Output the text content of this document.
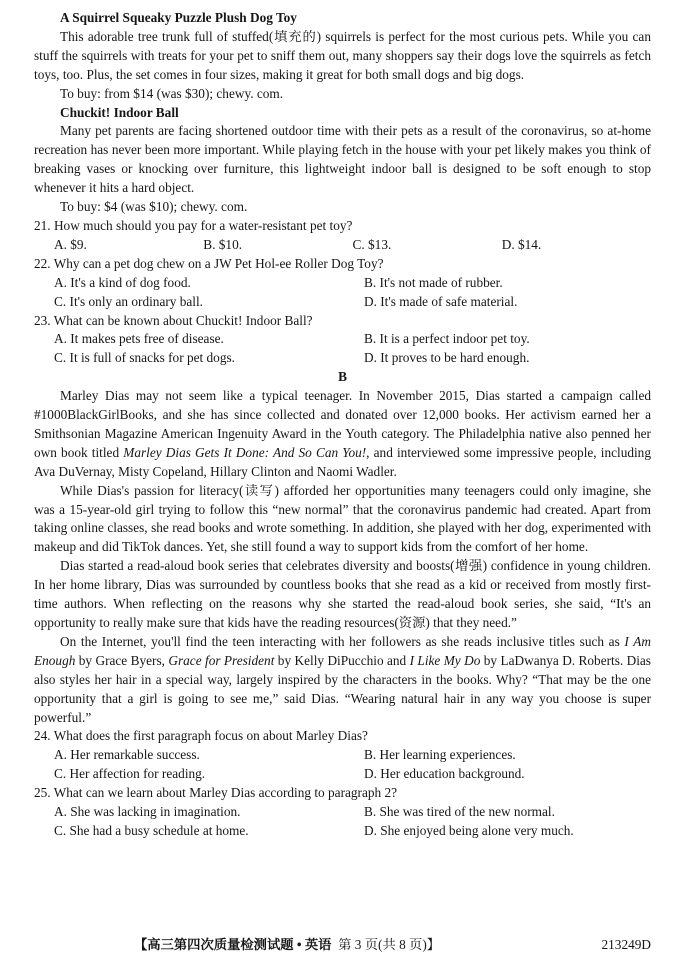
A Squirrel Squeaky Puzzle Plush Dog Toy

This adorable tree trunk full of stuffed(填充的) squirrels is perfect for the most curious pets. While you can stuff the squirrels with treats for your pet to sniff them out, many shoppers say their dogs love the squirrels as fetch toys, too. Plus, the set comes in four sizes, making it great for both small dogs and big dogs.

To buy: from $14 (was $30); chewy. com.
Chuckit! Indoor Ball

Many pet parents are facing shortened outdoor time with their pets as a result of the coronavirus, so at-home recreation has never been more important. While playing fetch in the house with your pet likely makes you think of breaking vases or knocking over furniture, this lightweight indoor ball is designed to be soft enough to stop whenever it hits a hard object.

To buy: $4 (was $10); chewy. com.
21. How much should you pay for a water-resistant pet toy?
A. $9.	B. $10.	C. $13.	D. $14.
22. Why can a pet dog chew on a JW Pet Hol-ee Roller Dog Toy?
A. It's a kind of dog food.	B. It's not made of rubber.
C. It's only an ordinary ball.	D. It's made of safe material.
23. What can be known about Chuckit! Indoor Ball?
A. It makes pets free of disease.	B. It is a perfect indoor pet toy.
C. It is full of snacks for pet dogs.	D. It proves to be hard enough.
B

Marley Dias may not seem like a typical teenager. In November 2015, Dias started a campaign called #1000BlackGirlBooks, and she has since collected and donated over 12,000 books. Her activism earned her a Smithsonian Magazine American Ingenuity Award in the Youth category. The Philadelphia native also penned her own book titled Marley Dias Gets It Done: And So Can You!, and interviewed some impressive people, including Ava DuVernay, Misty Copeland, Hillary Clinton and Naomi Wadler.

While Dias's passion for literacy(读写) afforded her opportunities many teenagers could only imagine, she was a 15-year-old girl trying to follow this “new normal” that the coronavirus pandemic had created. Apart from taking online classes, she read books and wrote something. In addition, she played with her dog, experimented with makeup and did TikTok dances. Yet, she still found a way to support kids from the comfort of her home.

Dias started a read-aloud book series that celebrates diversity and boosts(增强) confidence in young children. In her home library, Dias was surrounded by countless books that she read as a kid or received from mostly first-time authors. When reflecting on the reasons why she started the read-aloud book series, she said, “It's an opportunity to really make sure that kids have the reading resources(资源) that they need.”

On the Internet, you'll find the teen interacting with her followers as she reads inclusive titles such as I Am Enough by Grace Byers, Grace for President by Kelly DiPucchio and I Like My Do by LaDwanya D. Roberts. Dias also styles her hair in a special way, largely inspired by the characters in the books. Why? “That may be the one opportunity that a girl is going to see me,” said Dias. “Wearing natural hair in any way you choose is super powerful.”

24. What does the first paragraph focus on about Marley Dias?
A. Her remarkable success.	B. Her learning experiences.
C. Her affection for reading.	D. Her education background.
25. What can we learn about Marley Dias according to paragraph 2?
A. She was lacking in imagination.	B. She was tired of the new normal.
C. She had a busy schedule at home.	D. She enjoyed being alone very much.
【高三第四次质量检测试题 • 英语 第 3 页(共 8 页)】	213249D
